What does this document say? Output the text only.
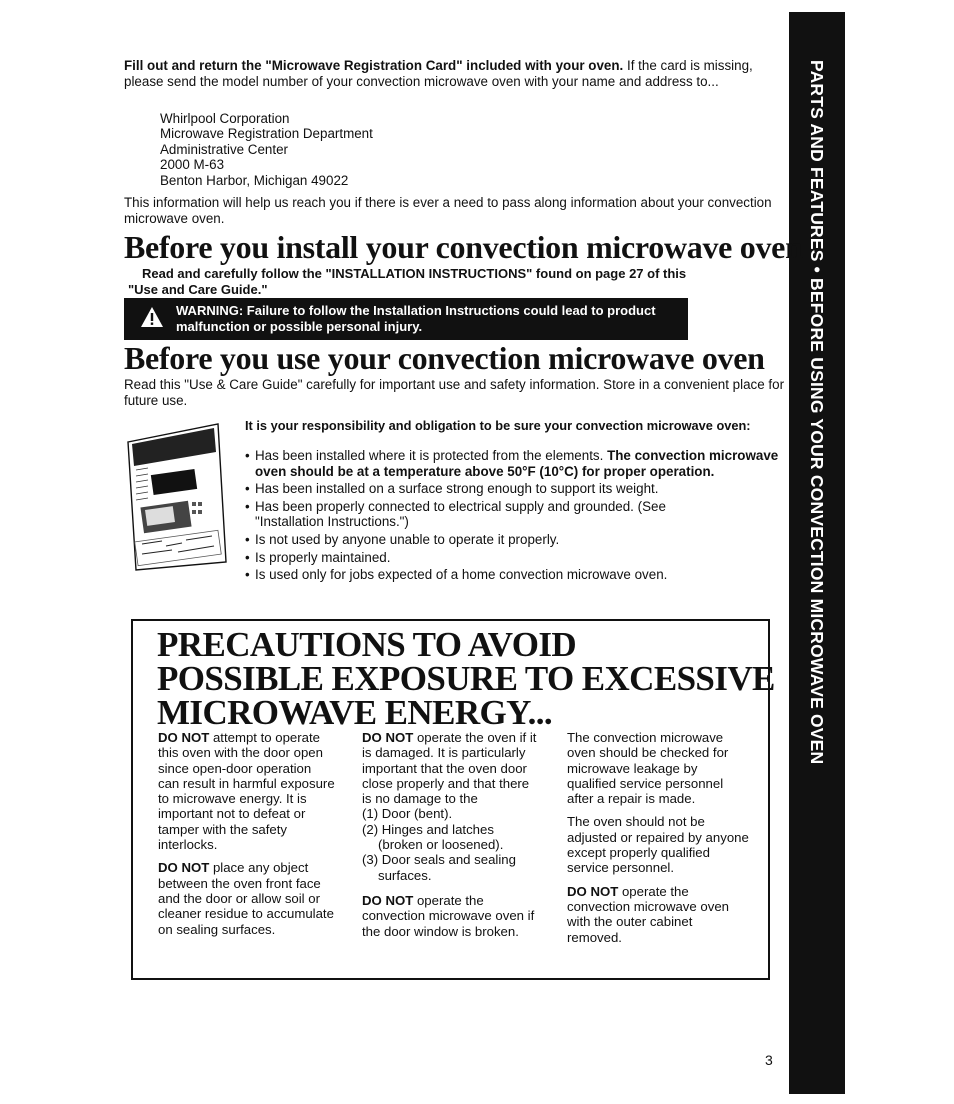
PARTS AND FEATURES • BEFORE USING YOUR CONVECTION MICROWAVE OVEN
Fill out and return the "Microwave Registration Card" included with your oven. If the card is missing, please send the model number of your convection microwave oven with your name and address to...
Whirlpool Corporation
Microwave Registration Department
Administrative Center
2000 M-63
Benton Harbor, Michigan 49022
This information will help us reach you if there is ever a need to pass along information about your convection microwave oven.
Before you install your convection microwave oven
Read and carefully follow the "INSTALLATION INSTRUCTIONS" found on page 27 of this
"Use and Care Guide."
WARNING: Failure to follow the Installation Instructions could lead to product
malfunction or possible personal injury.
Before you use your convection microwave oven
Read this "Use & Care Guide" carefully for important use and safety information. Store in a convenient place for future use.
It is your responsibility and obligation to be sure your convection microwave oven:
• Has been installed where it is protected from the elements. The convection microwave oven should be at a temperature above 50°F (10°C) for proper operation.
• Has been installed on a surface strong enough to support its weight.
• Has been properly connected to electrical supply and grounded. (See "Installation Instructions.")
• Is not used by anyone unable to operate it properly.
• Is properly maintained.
• Is used only for jobs expected of a home convection microwave oven.
PRECAUTIONS TO AVOID
POSSIBLE EXPOSURE TO EXCESSIVE
MICROWAVE ENERGY...

DO NOT attempt to operate this oven with the door open since open-door operation can result in harmful exposure to microwave energy. It is important not to defeat or tamper with the safety interlocks.

DO NOT place any object between the oven front face and the door or allow soil or cleaner residue to accumulate on sealing surfaces.

DO NOT operate the oven if it is damaged. It is particularly important that the oven door close properly and that there is no damage to the

(1) Door (bent).
(2) Hinges and latches (broken or loosened).
(3) Door seals and sealing surfaces.

DO NOT operate the convection microwave oven if the door window is broken.

The convection microwave oven should be checked for microwave leakage by qualified service personnel after a repair is made.

The oven should not be adjusted or repaired by anyone except properly qualified service personnel.

DO NOT operate the convection microwave oven with the outer cabinet removed.

3
